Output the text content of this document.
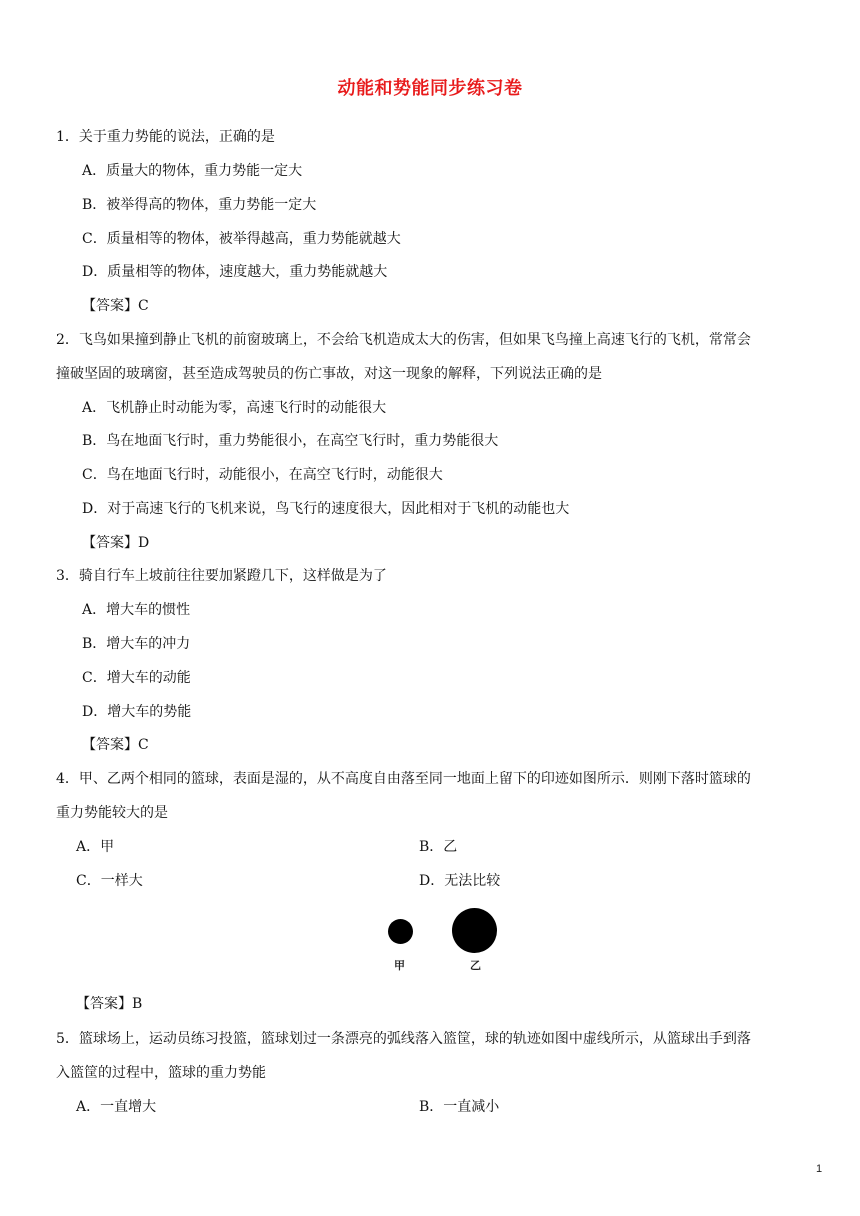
动能和势能同步练习卷
1．关于重力势能的说法，正确的是
A．质量大的物体，重力势能一定大
B．被举得高的物体，重力势能一定大
C．质量相等的物体，被举得越高，重力势能就越大
D．质量相等的物体，速度越大，重力势能就越大
【答案】C
2．飞鸟如果撞到静止飞机的前窗玻璃上，不会给飞机造成太大的伤害，但如果飞鸟撞上高速飞行的飞机，常常会
撞破坚固的玻璃窗，甚至造成驾驶员的伤亡事故，对这一现象的解释，下列说法正确的是
A．飞机静止时动能为零，高速飞行时的动能很大
B．鸟在地面飞行时，重力势能很小，在高空飞行时，重力势能很大
C．鸟在地面飞行时，动能很小，在高空飞行时，动能很大
D．对于高速飞行的飞机来说，鸟飞行的速度很大，因此相对于飞机的动能也大
【答案】D
3．骑自行车上坡前往往要加紧蹬几下，这样做是为了
A．增大车的惯性
B．增大车的冲力
C．增大车的动能
D．增大车的势能
【答案】C
4．甲、乙两个相同的篮球，表面是湿的，从不高度自由落至同一地面上留下的印迹如图所示．则刚下落时篮球的
重力势能较大的是
A．甲	B．乙
C．一样大	D．无法比较
甲	乙
【答案】B
5．篮球场上，运动员练习投篮，篮球划过一条漂亮的弧线落入篮筐，球的轨迹如图中虚线所示，从篮球出手到落
入篮筐的过程中，篮球的重力势能
A．一直增大	B．一直减小
1
